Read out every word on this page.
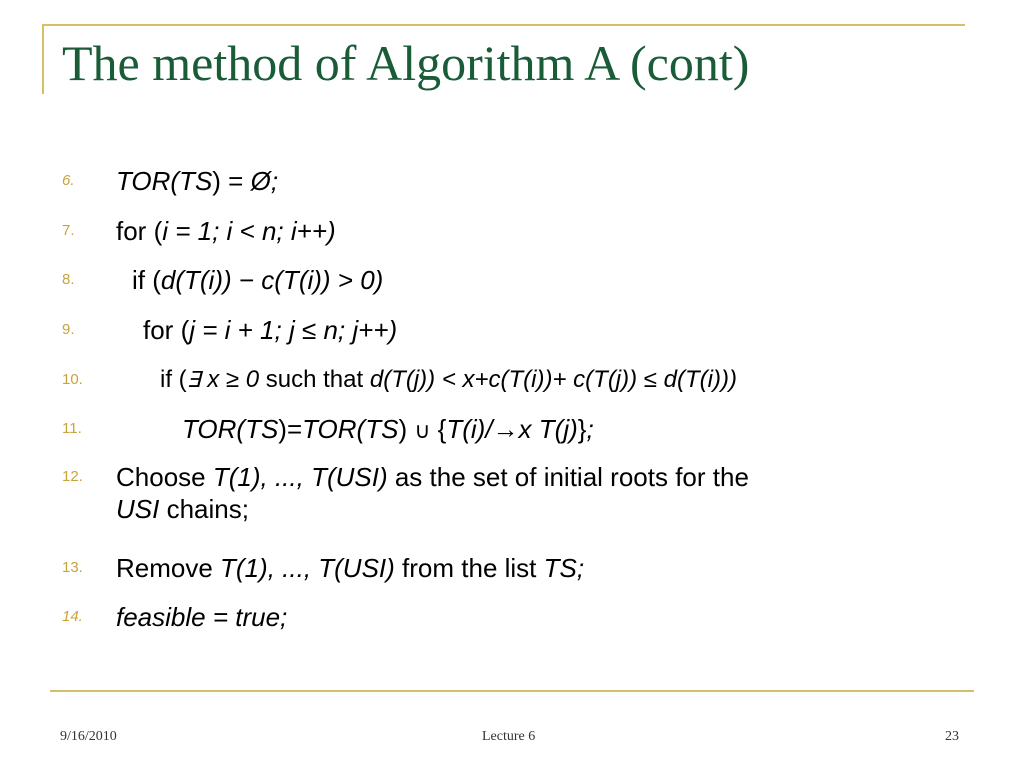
The method of Algorithm A (cont)
6.	TOR(TS) = Ø;
7.	for (i = 1; i < n; i++)
8.	if (d(T(i)) − c(T(i)) > 0)
9.	for (j = i + 1; j ≤ n; j++)
10.	if (∃ x ≥ 0 such that d(T(j)) < x+c(T(i))+ c(T(j)) ≤ d(T(i)))
11.	TOR(TS)=TOR(TS) ∪ {T(i)/→x T(j)};
12.	Choose T(1), ..., T(USI) as the set of initial roots for the
USI chains;
13.	Remove T(1), ..., T(USI) from the list TS;
14.	feasible = true;
9/16/2010	Lecture 6	23
